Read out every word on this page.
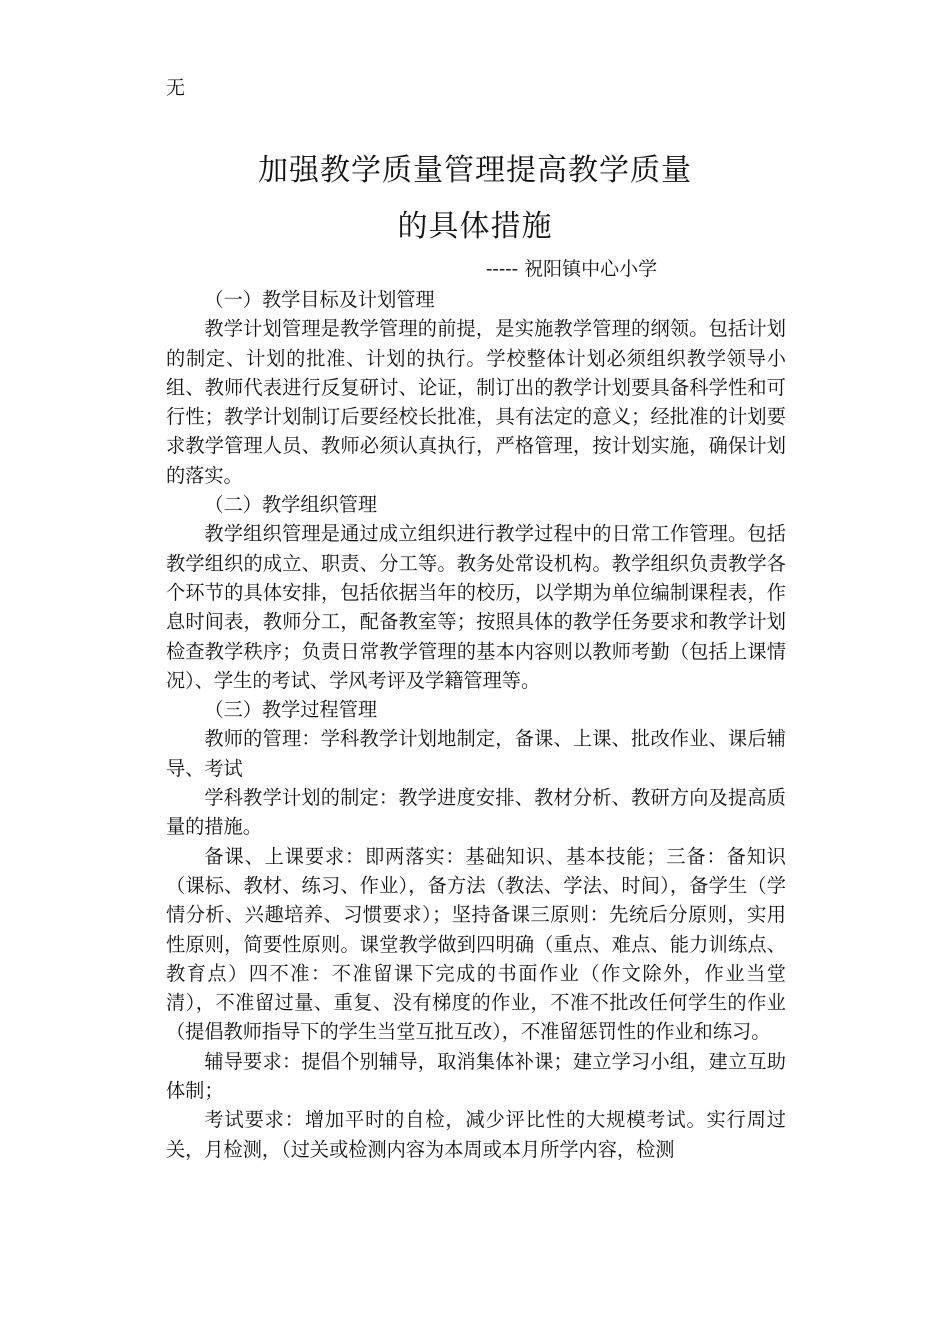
无
加强教学质量管理提高教学质量
的具体措施
----- 祝阳镇中心小学

（一）教学目标及计划管理

教学计划管理是教学管理的前提，是实施教学管理的纲领。包括计划的制定、计划的批准、计划的执行。学校整体计划必须组织教学领导小组、教师代表进行反复研讨、论证，制订出的教学计划要具备科学性和可行性；教学计划制订后要经校长批准，具有法定的意义；经批准的计划要求教学管理人员、教师必须认真执行，严格管理，按计划实施，确保计划的落实。

（二）教学组织管理

教学组织管理是通过成立组织进行教学过程中的日常工作管理。包括教学组织的成立、职责、分工等。教务处常设机构。教学组织负责教学各个环节的具体安排，包括依据当年的校历，以学期为单位编制课程表，作息时间表，教师分工，配备教室等；按照具体的教学任务要求和教学计划检查教学秩序；负责日常教学管理的基本内容则以教师考勤（包括上课情况）、学生的考试、学风考评及学籍管理等。

（三）教学过程管理

教师的管理：学科教学计划地制定，备课、上课、批改作业、课后辅导、考试

学科教学计划的制定：教学进度安排、教材分析、教研方向及提高质量的措施。

备课、上课要求：即两落实：基础知识、基本技能；三备：备知识（课标、教材、练习、作业），备方法（教法、学法、时间），备学生（学情分析、兴趣培养、习惯要求）；坚持备课三原则：先统后分原则，实用性原则，简要性原则。课堂教学做到四明确（重点、难点、能力训练点、教育点）四不准：不准留课下完成的书面作业（作文除外，作业当堂清），不准留过量、重复、没有梯度的作业，不准不批改任何学生的作业（提倡教师指导下的学生当堂互批互改），不准留惩罚性的作业和练习。

辅导要求：提倡个别辅导，取消集体补课；建立学习小组，建立互助体制；

考试要求：增加平时的自检，减少评比性的大规模考试。实行周过关，月检测，（过关或检测内容为本周或本月所学内容，检测
